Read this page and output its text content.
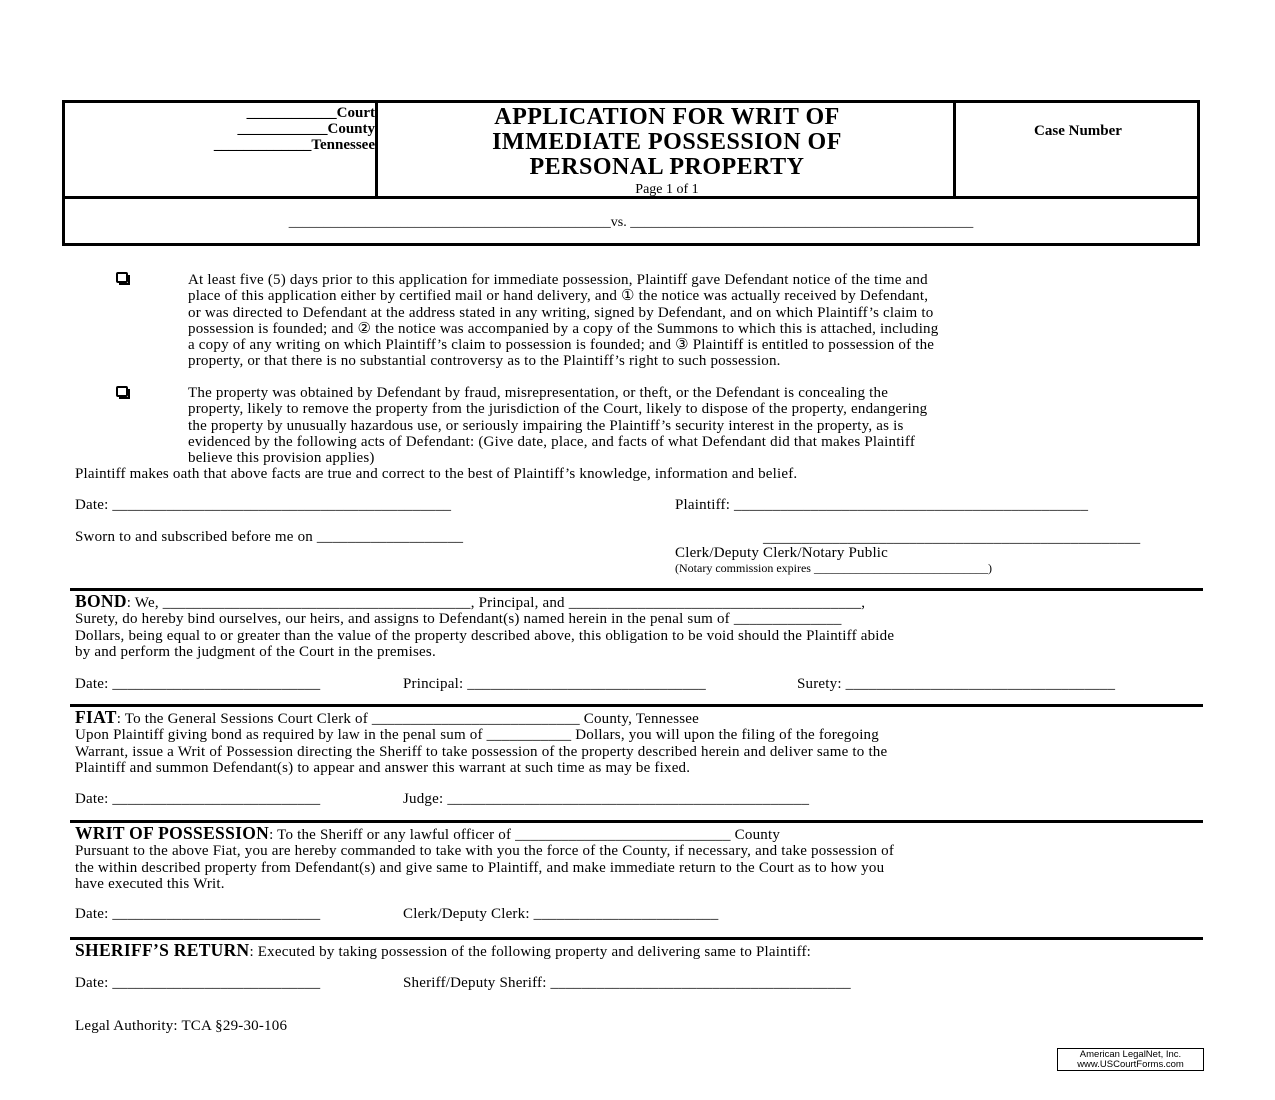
____________Court
____________County
_____________Tennessee
APPLICATION FOR WRIT OF
IMMEDIATE POSSESSION OF
PERSONAL PROPERTY
Page 1 of 1
Case Number
______________________________________________vs. _________________________________________________
At least five (5) days prior to this application for immediate possession, Plaintiff gave Defendant notice of the time and
place of this application either by certified mail or hand delivery, and ① the notice was actually received by Defendant,
or was directed to Defendant at the address stated in any writing, signed by Defendant, and on which Plaintiff’s claim to
possession is founded; and ② the notice was accompanied by a copy of the Summons to which this is attached, including
a copy of any writing on which Plaintiff’s claim to possession is founded; and ③ Plaintiff is entitled to possession of the
property, or that there is no substantial controversy as to the Plaintiff’s right to such possession.
The property was obtained by Defendant by fraud, misrepresentation, or theft, or the Defendant is concealing the
property, likely to remove the property from the jurisdiction of the Court, likely to dispose of the property, endangering
the property by unusually hazardous use, or seriously impairing the Plaintiff’s security interest in the property, as is
evidenced by the following acts of Defendant: (Give date, place, and facts of what Defendant did that makes Plaintiff
believe this provision applies)
Plaintiff makes oath that above facts are true and correct to the best of Plaintiff’s knowledge, information and belief.
Date: ____________________________________________	Plaintiff: ______________________________________________
Sworn to and subscribed before me on ___________________	_________________________________________________
Clerk/Deputy Clerk/Notary Public
(Notary commission expires _____________________________)
BOND: We, ________________________________________, Principal, and ______________________________________,
Surety, do hereby bind ourselves, our heirs, and assigns to Defendant(s) named herein in the penal sum of ______________
Dollars, being equal to or greater than the value of the property described above, this obligation to be void should the Plaintiff abide
by and perform the judgment of the Court in the premises.
Date: ___________________________	Principal: _______________________________	Surety: ___________________________________
FIAT: To the General Sessions Court Clerk of ___________________________ County, Tennessee
Upon Plaintiff giving bond as required by law in the penal sum of ___________ Dollars, you will upon the filing of the foregoing
Warrant, issue a Writ of Possession directing the Sheriff to take possession of the property described herein and deliver same to the
Plaintiff and summon Defendant(s) to appear and answer this warrant at such time as may be fixed.
Date: ___________________________	Judge: _______________________________________________
WRIT OF POSSESSION: To the Sheriff or any lawful officer of ____________________________ County
Pursuant to the above Fiat, you are hereby commanded to take with you the force of the County, if necessary, and take possession of
the within described property from Defendant(s) and give same to Plaintiff, and make immediate return to the Court as to how you
have executed this Writ.
Date: ___________________________	Clerk/Deputy Clerk: ________________________
SHERIFF’S RETURN: Executed by taking possession of the following property and delivering same to Plaintiff:
Date: ___________________________	Sheriff/Deputy Sheriff: _______________________________________
Legal Authority: TCA §29-30-106
American LegalNet, Inc.
www.USCourtForms.com
